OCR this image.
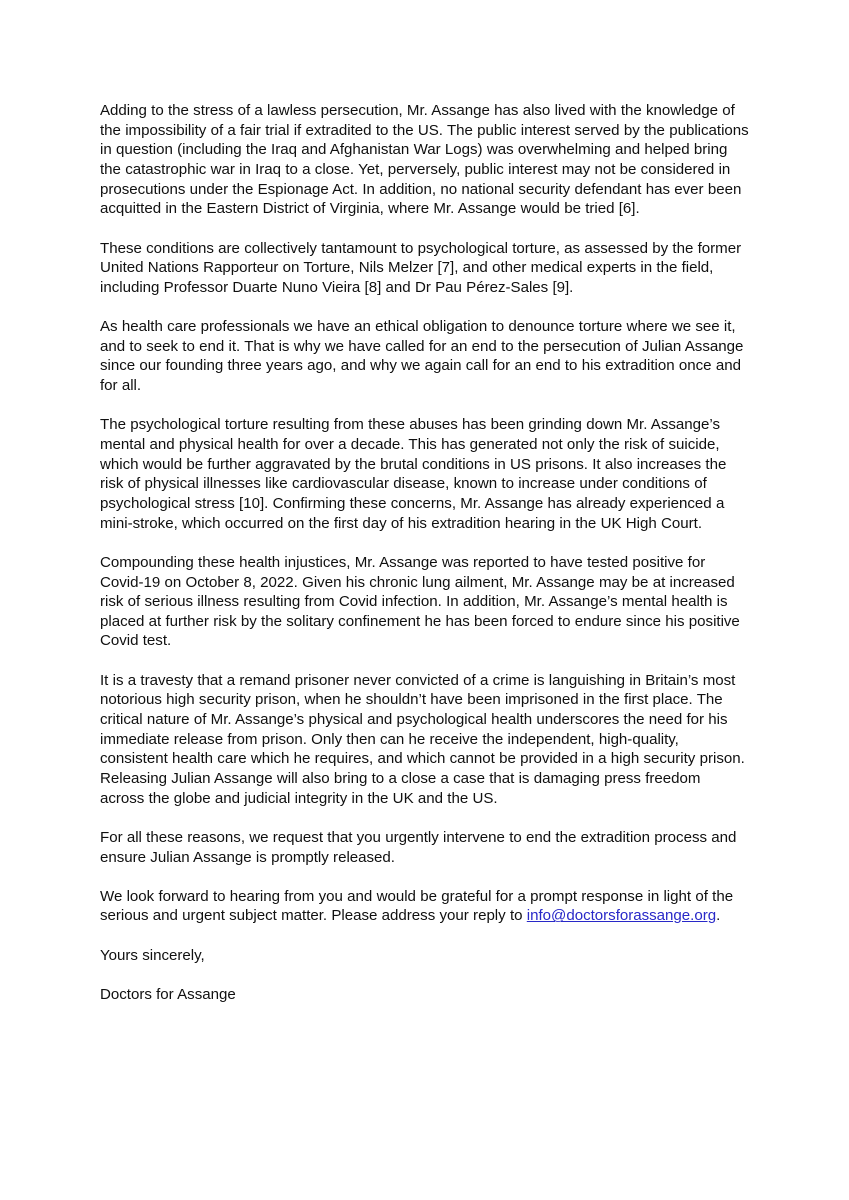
Adding to the stress of a lawless persecution, Mr. Assange has also lived with the knowledge of the impossibility of a fair trial if extradited to the US. The public interest served by the publications in question (including the Iraq and Afghanistan War Logs) was overwhelming and helped bring the catastrophic war in Iraq to a close. Yet, perversely, public interest may not be considered in prosecutions under the Espionage Act. In addition, no national security defendant has ever been acquitted in the Eastern District of Virginia, where Mr. Assange would be tried [6].

These conditions are collectively tantamount to psychological torture, as assessed by the former United Nations Rapporteur on Torture, Nils Melzer [7], and other medical experts in the field, including Professor Duarte Nuno Vieira [8] and Dr Pau Pérez-Sales [9].

As health care professionals we have an ethical obligation to denounce torture where we see it, and to seek to end it. That is why we have called for an end to the persecution of Julian Assange since our founding three years ago, and why we again call for an end to his extradition once and for all.

The psychological torture resulting from these abuses has been grinding down Mr. Assange’s mental and physical health for over a decade. This has generated not only the risk of suicide, which would be further aggravated by the brutal conditions in US prisons. It also increases the risk of physical illnesses like cardiovascular disease, known to increase under conditions of psychological stress [10]. Confirming these concerns, Mr. Assange has already experienced a mini-stroke, which occurred on the first day of his extradition hearing in the UK High Court.

Compounding these health injustices, Mr. Assange was reported to have tested positive for Covid-19 on October 8, 2022. Given his chronic lung ailment, Mr. Assange may be at increased risk of serious illness resulting from Covid infection. In addition, Mr. Assange’s mental health is placed at further risk by the solitary confinement he has been forced to endure since his positive Covid test.

It is a travesty that a remand prisoner never convicted of a crime is languishing in Britain’s most notorious high security prison, when he shouldn’t have been imprisoned in the first place. The critical nature of Mr. Assange’s physical and psychological health underscores the need for his immediate release from prison. Only then can he receive the independent, high-quality, consistent health care which he requires, and which cannot be provided in a high security prison. Releasing Julian Assange will also bring to a close a case that is damaging press freedom across the globe and judicial integrity in the UK and the US.

For all these reasons, we request that you urgently intervene to end the extradition process and ensure Julian Assange is promptly released.

We look forward to hearing from you and would be grateful for a prompt response in light of the serious and urgent subject matter. Please address your reply to info@doctorsforassange.org.

Yours sincerely,

Doctors for Assange
